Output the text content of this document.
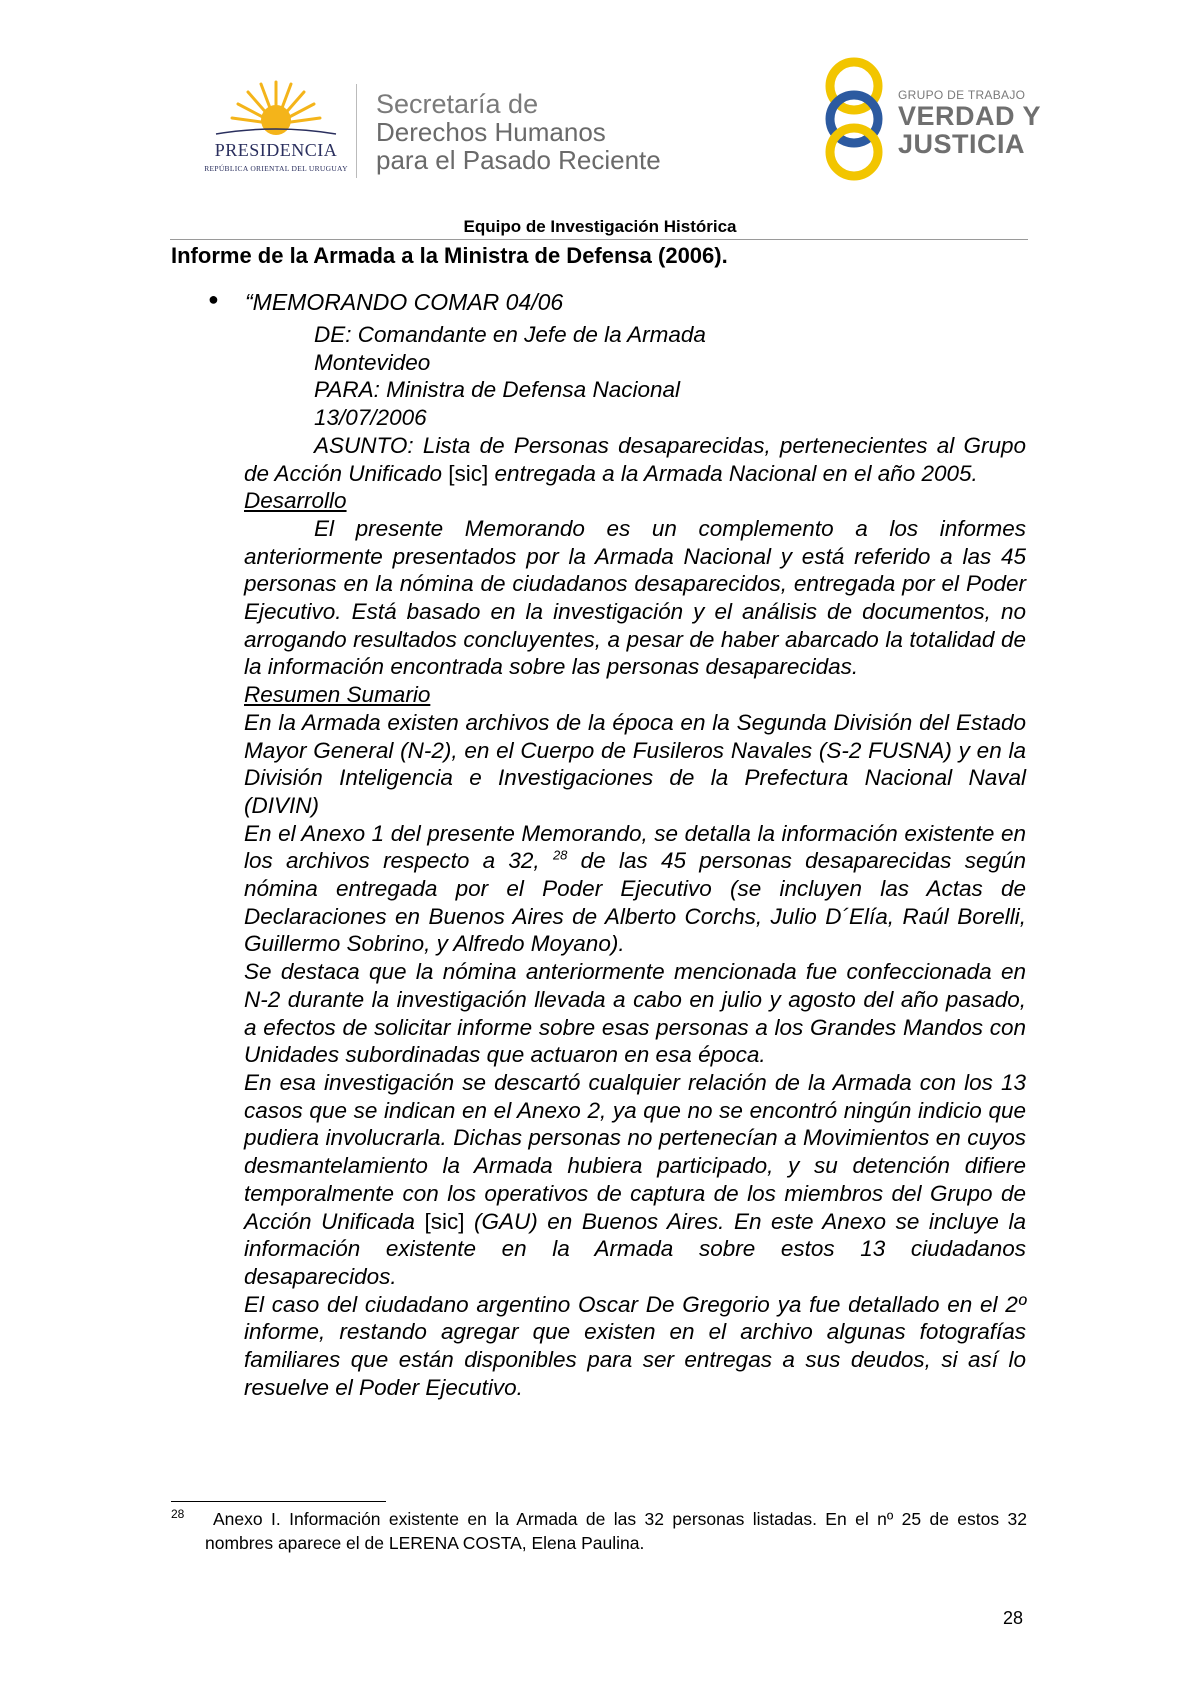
PRESIDENCIA
REPÚBLICA ORIENTAL DEL URUGUAY
Secretaría de
Derechos Humanos
para el Pasado Reciente
GRUPO DE TRABAJO
VERDAD Y
JUSTICIA
Equipo de Investigación Histórica
Informe de la Armada a la Ministra de Defensa (2006).
● “MEMORANDO COMAR 04/06

DE: Comandante en Jefe de la Armada

Montevideo

PARA: Ministra de Defensa Nacional

13/07/2006

ASUNTO: Lista de Personas desaparecidas, pertenecientes al Grupo de Acción Unificado [sic] entregada a la Armada Nacional en el año 2005.

Desarrollo

El presente Memorando es un complemento a los informes anteriormente presentados por la Armada Nacional y está referido a las 45 personas en la nómina de ciudadanos desaparecidos, entregada por el Poder Ejecutivo. Está basado en la investigación y el análisis de documentos, no arrogando resultados concluyentes, a pesar de haber abarcado la totalidad de la información encontrada sobre las personas desaparecidas.

Resumen Sumario

En la Armada existen archivos de la época en la Segunda División del Estado Mayor General (N-2), en el Cuerpo de Fusileros Navales (S-2 FUSNA) y en la División Inteligencia e Investigaciones de la Prefectura Nacional Naval (DIVIN)

En el Anexo 1 del presente Memorando, se detalla la información existente en los archivos respecto a 32, $^{28}$ de las 45 personas desaparecidas según nómina entregada por el Poder Ejecutivo (se incluyen las Actas de Declaraciones en Buenos Aires de Alberto Corchs, Julio D´Elía, Raúl Borelli, Guillermo Sobrino, y Alfredo Moyano).

Se destaca que la nómina anteriormente mencionada fue confeccionada en N-2 durante la investigación llevada a cabo en julio y agosto del año pasado, a efectos de solicitar informe sobre esas personas a los Grandes Mandos con Unidades subordinadas que actuaron en esa época.

En esa investigación se descartó cualquier relación de la Armada con los 13 casos que se indican en el Anexo 2, ya que no se encontró ningún indicio que pudiera involucrarla. Dichas personas no pertenecían a Movimientos en cuyos desmantelamiento la Armada hubiera participado, y su detención difiere temporalmente con los operativos de captura de los miembros del Grupo de Acción Unificada [sic] (GAU) en Buenos Aires. En este Anexo se incluye la información existente en la Armada sobre estos 13 ciudadanos desaparecidos.

El caso del ciudadano argentino Oscar De Gregorio ya fue detallado en el 2º informe, restando agregar que existen en el archivo algunas fotografías familiares que están disponibles para ser entregas a sus deudos, si así lo resuelve el Poder Ejecutivo.

28	Anexo I. Información existente en la Armada de las 32 personas listadas. En el nº 25 de estos 32 nombres aparece el de LERENA COSTA, Elena Paulina.
28
